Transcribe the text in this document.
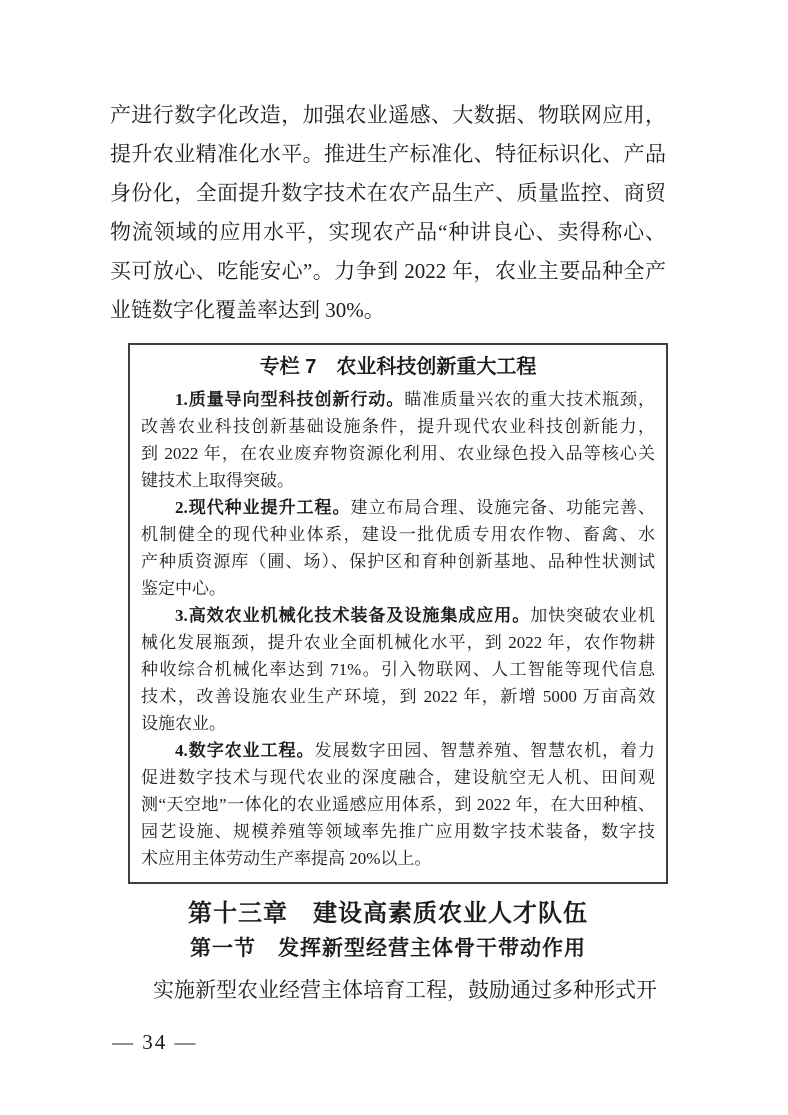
产进行数字化改造，加强农业遥感、大数据、物联网应用，
提升农业精准化水平。推进生产标准化、特征标识化、产品
身份化，全面提升数字技术在农产品生产、质量监控、商贸
物流领域的应用水平，实现农产品“种讲良心、卖得称心、
买可放心、吃能安心”。力争到 2022 年，农业主要品种全产
业链数字化覆盖率达到 30%。
专栏 7　农业科技创新重大工程
1.质量导向型科技创新行动。瞄准质量兴农的重大技术瓶颈，
改善农业科技创新基础设施条件，提升现代农业科技创新能力，
到 2022 年，在农业废弃物资源化利用、农业绿色投入品等核心关
键技术上取得突破。
2.现代种业提升工程。建立布局合理、设施完备、功能完善、
机制健全的现代种业体系，建设一批优质专用农作物、畜禽、水
产种质资源库（圃、场）、保护区和育种创新基地、品种性状测试
鉴定中心。
3.高效农业机械化技术装备及设施集成应用。加快突破农业机
械化发展瓶颈，提升农业全面机械化水平，到 2022 年，农作物耕
种收综合机械化率达到 71%。引入物联网、人工智能等现代信息
技术，改善设施农业生产环境，到 2022 年，新增 5000 万亩高效
设施农业。
4.数字农业工程。发展数字田园、智慧养殖、智慧农机，着力
促进数字技术与现代农业的深度融合，建设航空无人机、田间观
测“天空地”一体化的农业遥感应用体系，到 2022 年，在大田种植、
园艺设施、规模养殖等领域率先推广应用数字技术装备，数字技
术应用主体劳动生产率提高 20%以上。
第十三章　建设高素质农业人才队伍
第一节　发挥新型经营主体骨干带动作用
实施新型农业经营主体培育工程，鼓励通过多种形式开
— 34 —
